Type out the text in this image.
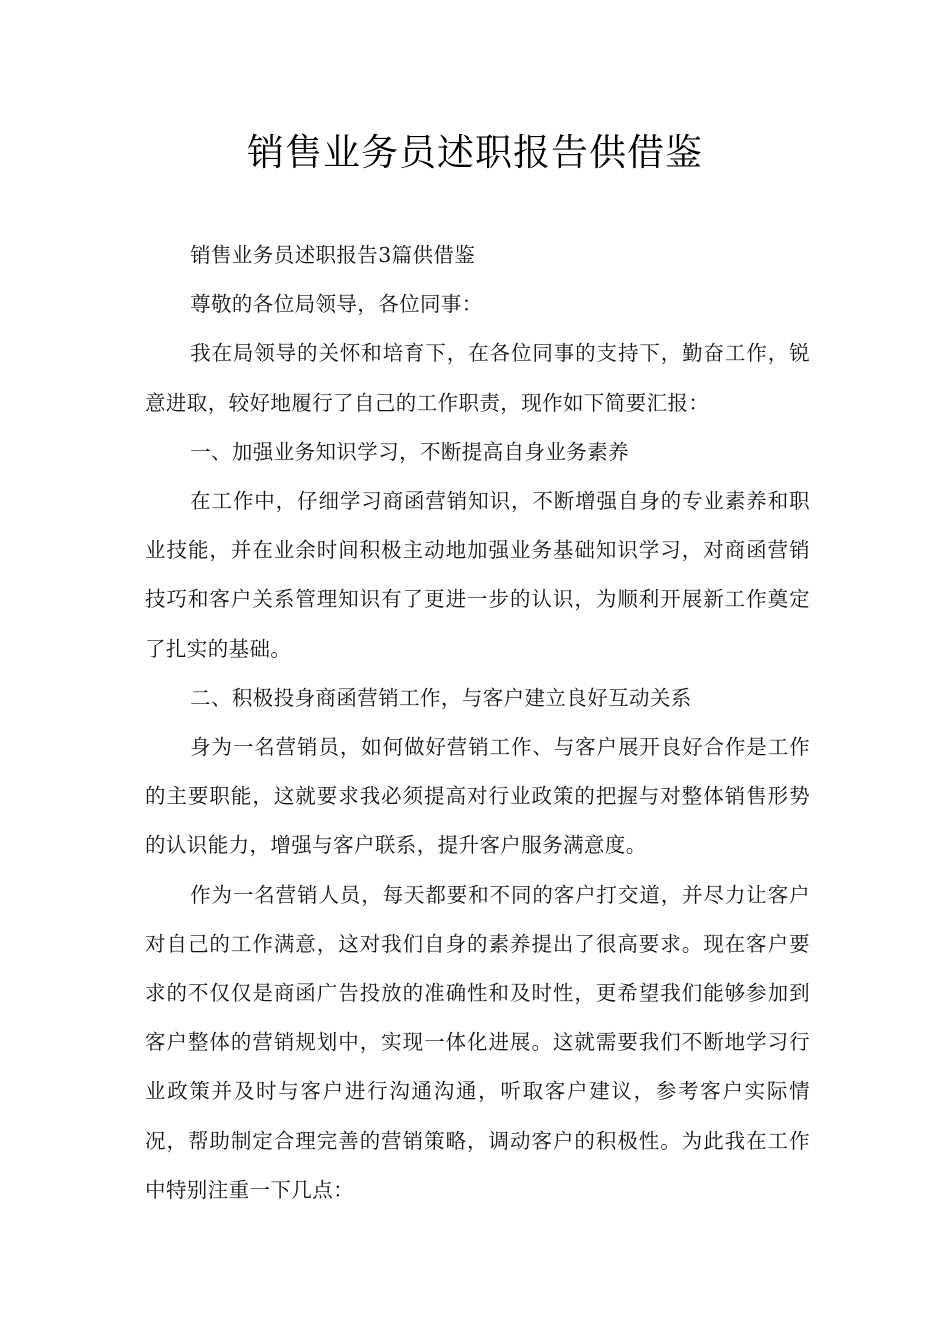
销售业务员述职报告供借鉴

销售业务员述职报告3篇供借鉴

尊敬的各位局领导，各位同事：

我在局领导的关怀和培育下，在各位同事的支持下，勤奋工作，锐意进取，较好地履行了自己的工作职责，现作如下简要汇报：

一、加强业务知识学习，不断提高自身业务素养

在工作中，仔细学习商函营销知识，不断增强自身的专业素养和职业技能，并在业余时间积极主动地加强业务基础知识学习，对商函营销技巧和客户关系管理知识有了更进一步的认识，为顺利开展新工作奠定了扎实的基础。

二、积极投身商函营销工作，与客户建立良好互动关系

身为一名营销员，如何做好营销工作、与客户展开良好合作是工作的主要职能，这就要求我必须提高对行业政策的把握与对整体销售形势的认识能力，增强与客户联系，提升客户服务满意度。

作为一名营销人员，每天都要和不同的客户打交道，并尽力让客户对自己的工作满意，这对我们自身的素养提出了很高要求。现在客户要求的不仅仅是商函广告投放的准确性和及时性，更希望我们能够参加到客户整体的营销规划中，实现一体化进展。这就需要我们不断地学习行业政策并及时与客户进行沟通沟通，听取客户建议，参考客户实际情况，帮助制定合理完善的营销策略，调动客户的积极性。为此我在工作中特别注重一下几点：
